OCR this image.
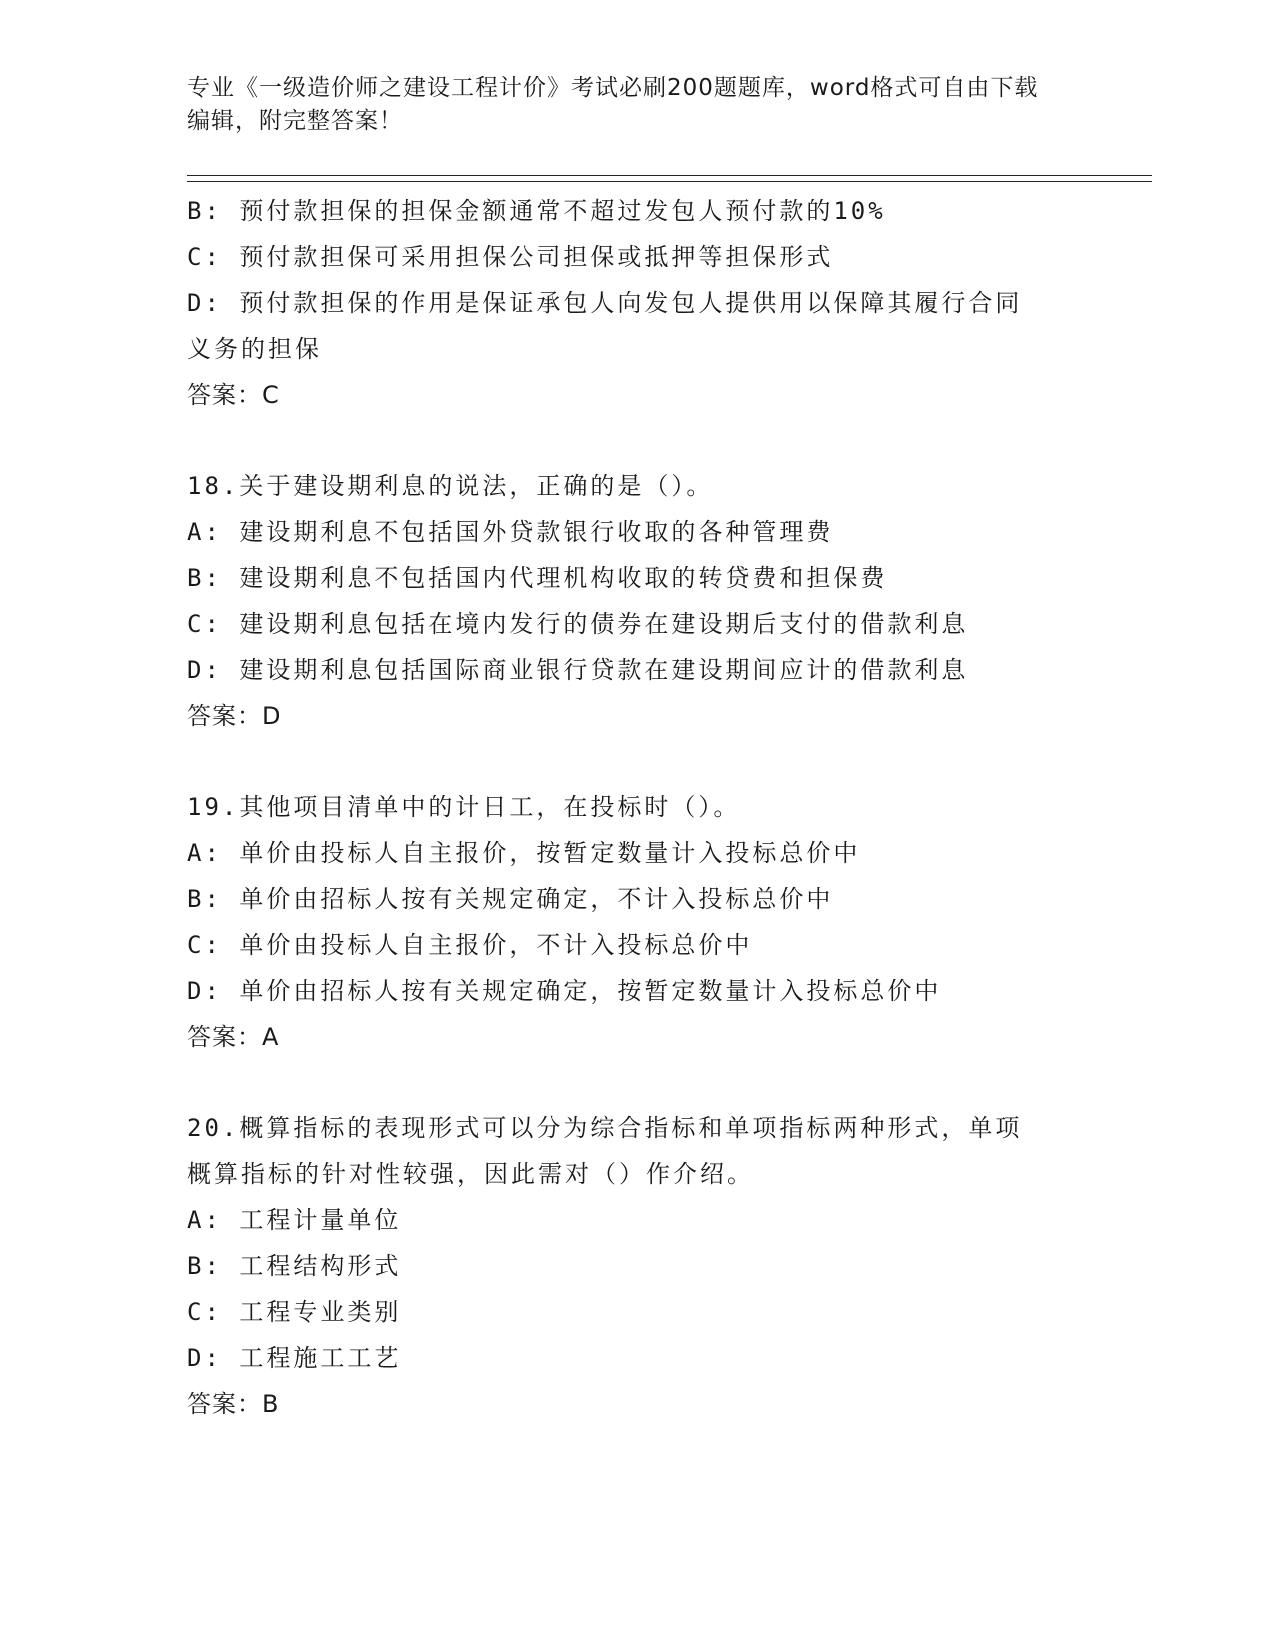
专业《一级造价师之建设工程计价》考试必刷200题题库，word格式可自由下载
编辑，附完整答案！
B: 预付款担保的担保金额通常不超过发包人预付款的10%
C: 预付款担保可采用担保公司担保或抵押等担保形式
D: 预付款担保的作用是保证承包人向发包人提供用以保障其履行合同
义务的担保
答案：C
18.关于建设期利息的说法，正确的是（）。
A: 建设期利息不包括国外贷款银行收取的各种管理费
B: 建设期利息不包括国内代理机构收取的转贷费和担保费
C: 建设期利息包括在境内发行的债券在建设期后支付的借款利息
D: 建设期利息包括国际商业银行贷款在建设期间应计的借款利息
答案：D
19.其他项目清单中的计日工，在投标时（）。
A: 单价由投标人自主报价，按暂定数量计入投标总价中
B: 单价由招标人按有关规定确定，不计入投标总价中
C: 单价由投标人自主报价，不计入投标总价中
D: 单价由招标人按有关规定确定，按暂定数量计入投标总价中
答案：A
20.概算指标的表现形式可以分为综合指标和单项指标两种形式，单项
概算指标的针对性较强，因此需对（）作介绍。
A: 工程计量单位
B: 工程结构形式
C: 工程专业类别
D: 工程施工工艺
答案：B
